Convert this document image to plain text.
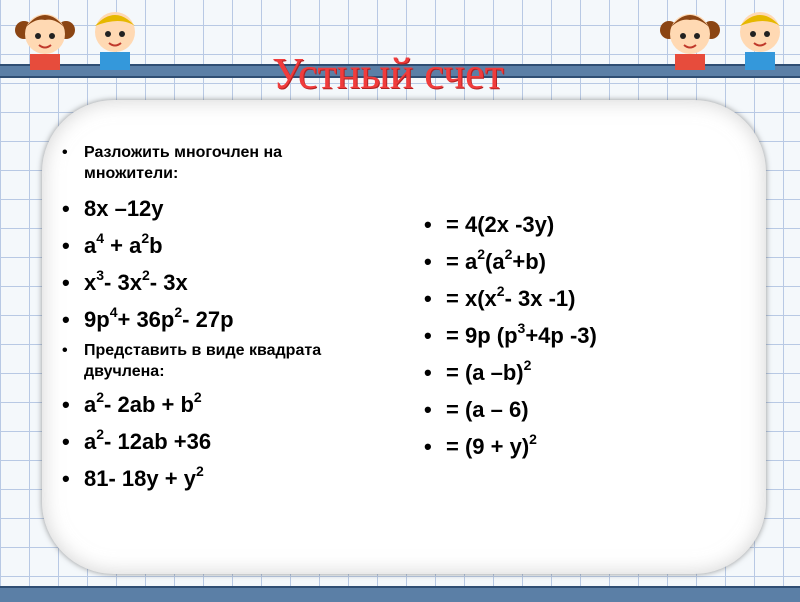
Устный счет
• Разложить многочлен на множители:
• 8x –12y
• $a^4 + a^2b$
• $x^3-$ $3x^2-$ 3x
• $9p^4+ 36p^2-$ 27p
• Представить в виде квадрата двучлена:
• $a^2-$ $2ab + b^2$
• $a^2-$ 12ab +36
• 81- $18y + y^2$
• = 4(2x -3y)
• = $a^2(a^2+b)$
• = $x(x^2-$ 3x -1)
• = 9p ($p^3+4p$ -3)
• = (a –b)$^2$
• = (a – 6)
• = $(9 + y)^2$
